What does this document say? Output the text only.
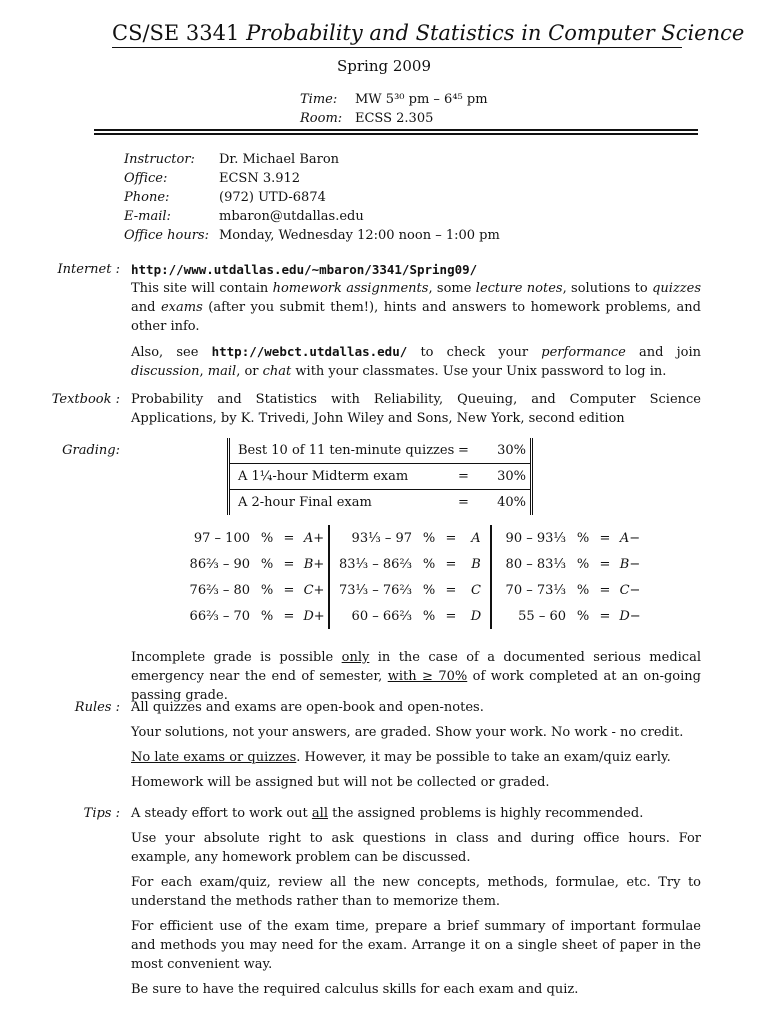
CS/SE 3341 Probability and Statistics in Computer Science
Spring 2009
Time:	MW 5³⁰ pm – 6⁴⁵ pm
Room: ECSS 2.305
Instructor:	Dr. Michael Baron
Office:	ECSN 3.912
Phone:	(972) UTD-6874
E-mail:	mbaron@utdallas.edu
Office hours: Monday, Wednesday 12:00 noon – 1:00 pm
Internet : http://www.utdallas.edu/~mbaron/3341/Spring09/

This site will contain homework assignments, some lecture notes, solutions to quizzes and exams (after you submit them!), hints and answers to homework problems, and other info.

Also, see http://webct.utdallas.edu/ to check your performance and join discussion, mail, or chat with your classmates. Use your Unix password to log in.

Textbook : Probability and Statistics with Reliability, Queuing, and Computer Science Applications, by K. Trivedi, John Wiley and Sons, New York, second edition
Grading:	Best 10 of 11 ten-minute quizzes =	30%
A 1¼-hour Midterm exam	=	30%
A 2-hour Final exam	=	40%
97 – 100 % = A+
86⅔ – 90 % = B+
76⅔ – 80 % = C+
66⅔ – 70 % = D+
93⅓ – 97 % =	A
83⅓ – 86⅔ % =	B
73⅓ – 76⅔ % =	C
60 – 66⅔ % =	D
90 – 93⅓ % = A−
80 – 83⅓ % = B−
70 – 73⅓ % = C−
55 – 60 % = D−
Incomplete grade is possible only in the case of a documented serious medical emergency near the end of semester, with ≥ 70% of work completed at an on-going passing grade.
Rules : All quizzes and exams are open-book and open-notes.

Your solutions, not your answers, are graded. Show your work. No work - no credit.

No late exams or quizzes. However, it may be possible to take an exam/quiz early.

Homework will be assigned but will not be collected or graded.

Tips : A steady effort to work out all the assigned problems is highly recommended.

Use your absolute right to ask questions in class and during office hours. For example, any homework problem can be discussed.

For each exam/quiz, review all the new concepts, methods, formulae, etc. Try to understand the methods rather than to memorize them.

For efficient use of the exam time, prepare a brief summary of important formulae and methods you may need for the exam. Arrange it on a single sheet of paper in the most convenient way.

Be sure to have the required calculus skills for each exam and quiz.
